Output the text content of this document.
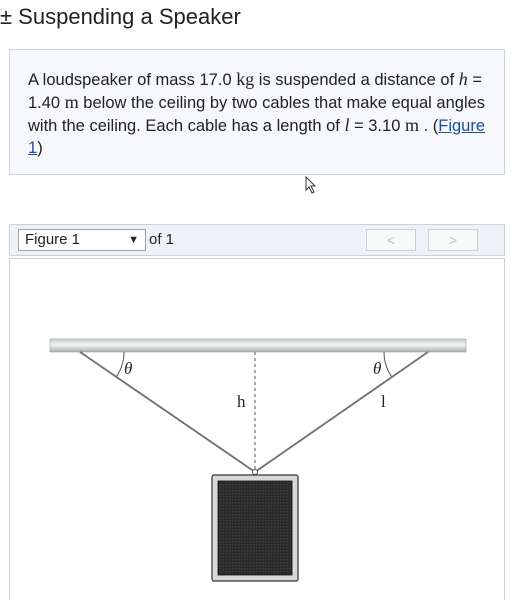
± Suspending a Speaker
A loudspeaker of mass 17.0 kg is suspended a distance of h = 1.40 m below the ceiling by two cables that make equal angles with the ceiling. Each cable has a length of l = 3.10 m . (Figure 1)
Figure 1	▼ of 1	<	>
θ	θ
h	l
